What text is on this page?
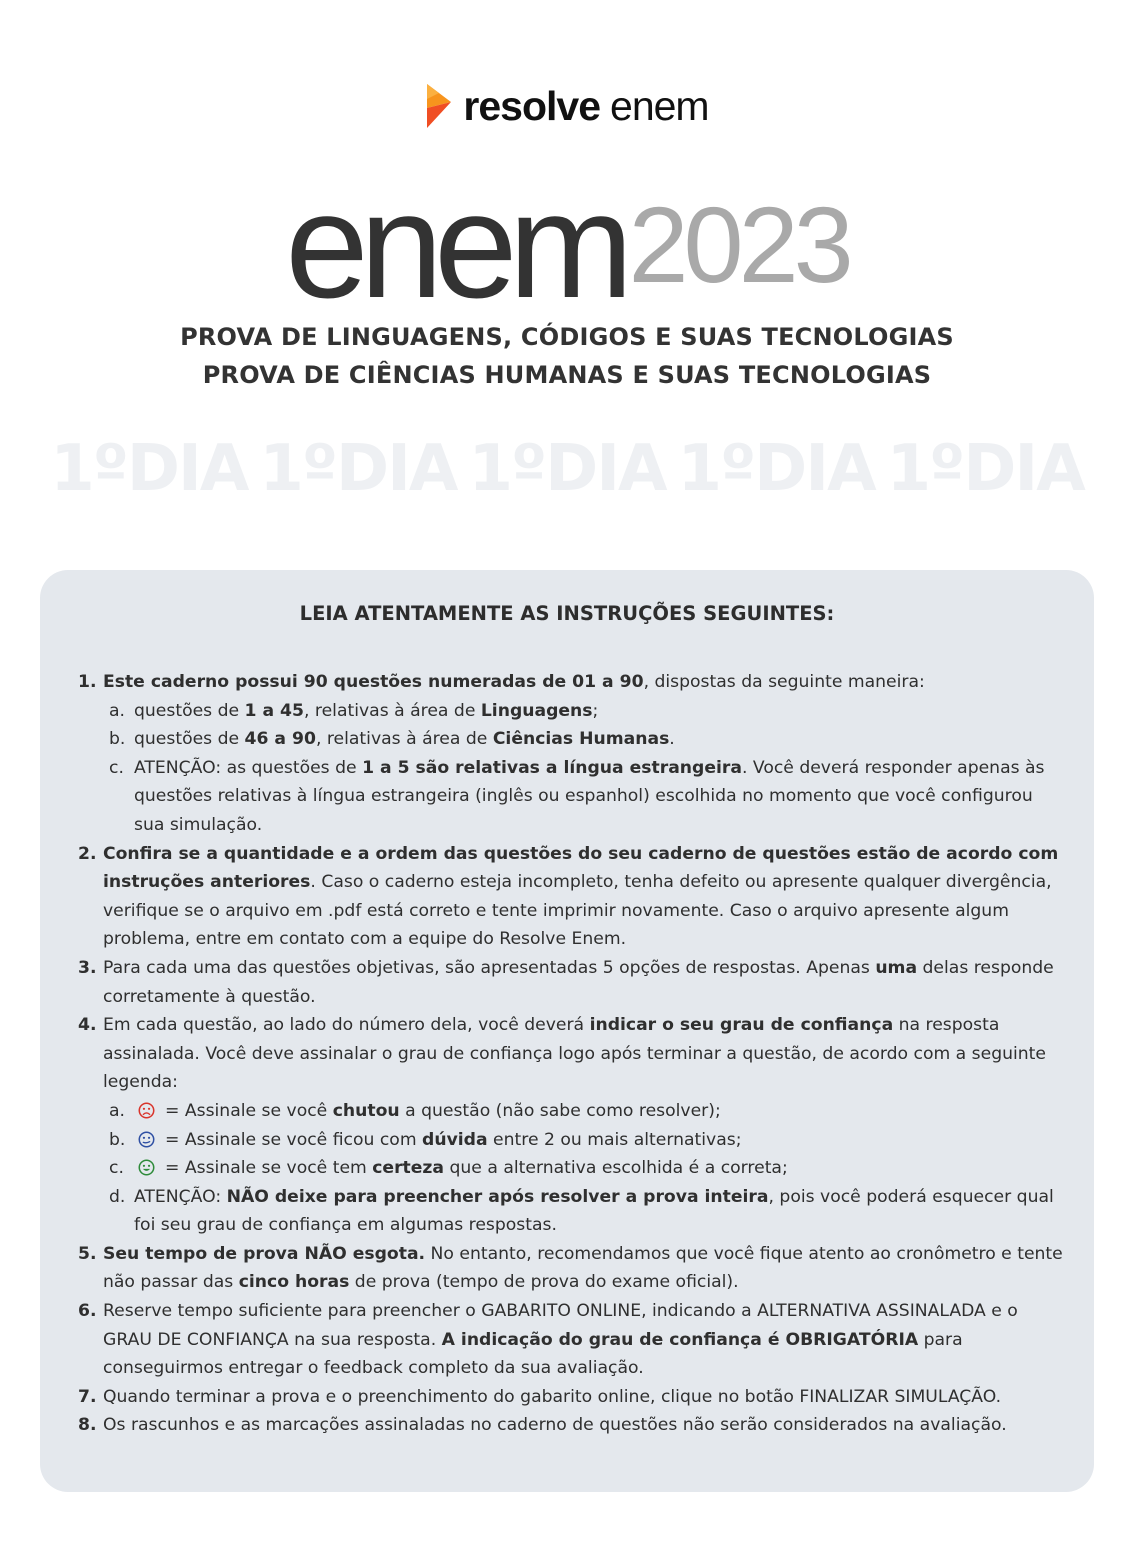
resolve enem
enem 2023
PROVA DE LINGUAGENS, CÓDIGOS E SUAS TECNOLOGIAS
PROVA DE CIÊNCIAS HUMANAS E SUAS TECNOLOGIAS
1ºDIA 1ºDIA 1ºDIA 1ºDIA 1ºDIA
LEIA ATENTAMENTE AS INSTRUÇÕES SEGUINTES:
1. Este caderno possui 90 questões numeradas de 01 a 90, dispostas da seguinte maneira:
a. questões de 1 a 45, relativas à área de Linguagens;
b. questões de 46 a 90, relativas à área de Ciências Humanas.
c. ATENÇÃO: as questões de 1 a 5 são relativas a língua estrangeira. Você deverá responder apenas às questões relativas à língua estrangeira (inglês ou espanhol) escolhida no momento que você configurou sua simulação.
2. Confira se a quantidade e a ordem das questões do seu caderno de questões estão de acordo com instruções anteriores. Caso o caderno esteja incompleto, tenha defeito ou apresente qualquer divergência, verifique se o arquivo em .pdf está correto e tente imprimir novamente. Caso o arquivo apresente algum problema, entre em contato com a equipe do Resolve Enem.
3. Para cada uma das questões objetivas, são apresentadas 5 opções de respostas. Apenas uma delas responde corretamente à questão.
4. Em cada questão, ao lado do número dela, você deverá indicar o seu grau de confiança na resposta assinalada. Você deve assinalar o grau de confiança logo após terminar a questão, de acordo com a seguinte legenda:
a. = Assinale se você chutou a questão (não sabe como resolver);
b. = Assinale se você ficou com dúvida entre 2 ou mais alternativas;
c. = Assinale se você tem certeza que a alternativa escolhida é a correta;
d. ATENÇÃO: NÃO deixe para preencher após resolver a prova inteira, pois você poderá esquecer qual foi seu grau de confiança em algumas respostas.
5. Seu tempo de prova NÃO esgota. No entanto, recomendamos que você fique atento ao cronômetro e tente não passar das cinco horas de prova (tempo de prova do exame oficial).
6. Reserve tempo suficiente para preencher o GABARITO ONLINE, indicando a ALTERNATIVA ASSINALADA e o GRAU DE CONFIANÇA na sua resposta. A indicação do grau de confiança é OBRIGATÓRIA para conseguirmos entregar o feedback completo da sua avaliação.
7. Quando terminar a prova e o preenchimento do gabarito online, clique no botão FINALIZAR SIMULAÇÃO.
8. Os rascunhos e as marcações assinaladas no caderno de questões não serão considerados na avaliação.
